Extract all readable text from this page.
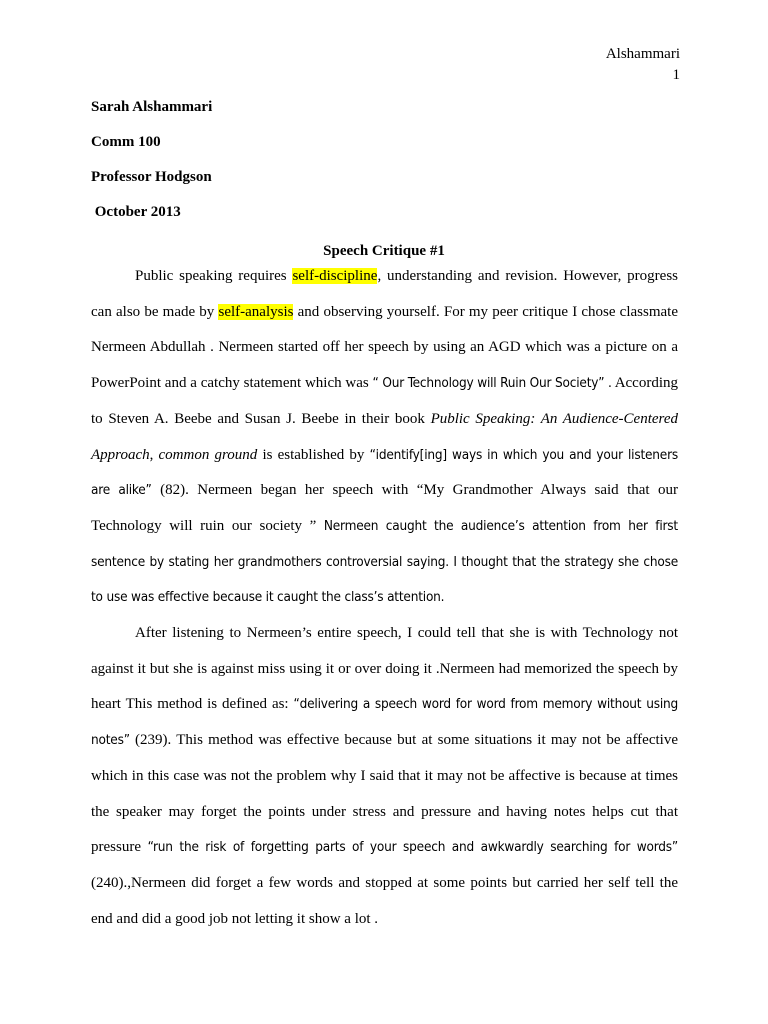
Alshammari
1
Sarah Alshammari
Comm 100
Professor Hodgson
October 2013
Speech Critique #1

Public speaking requires self-discipline, understanding and revision. However, progress can also be made by self-analysis and observing yourself. For my peer critique I chose classmate Nermeen Abdullah . Nermeen started off her speech by using an AGD which was a picture on a PowerPoint and a catchy statement which was “ Our Technology will Ruin Our Society” . According to Steven A. Beebe and Susan J. Beebe in their book Public Speaking: An Audience-Centered Approach, common ground is established by “identify[ing] ways in which you and your listeners are alike” (82). Nermeen began her speech with “My Grandmother Always said that our Technology will ruin our society ” Nermeen caught the audience’s attention from her first sentence by stating her grandmothers controversial saying. I thought that the strategy she chose to use was effective because it caught the class’s attention.

After listening to Nermeen’s entire speech, I could tell that she is with Technology not against it but she is against miss using it or over doing it .Nermeen had memorized the speech by heart This method is defined as: “delivering a speech word for word from memory without using notes” (239). This method was effective because but at some situations it may not be affective which in this case was not the problem why I said that it may not be affective is because at times the speaker may forget the points under stress and pressure and having notes helps cut that pressure “run the risk of forgetting parts of your speech and awkwardly searching for words” (240).,Nermeen did forget a few words and stopped at some points but carried her self tell the end and did a good job not letting it show a lot .
